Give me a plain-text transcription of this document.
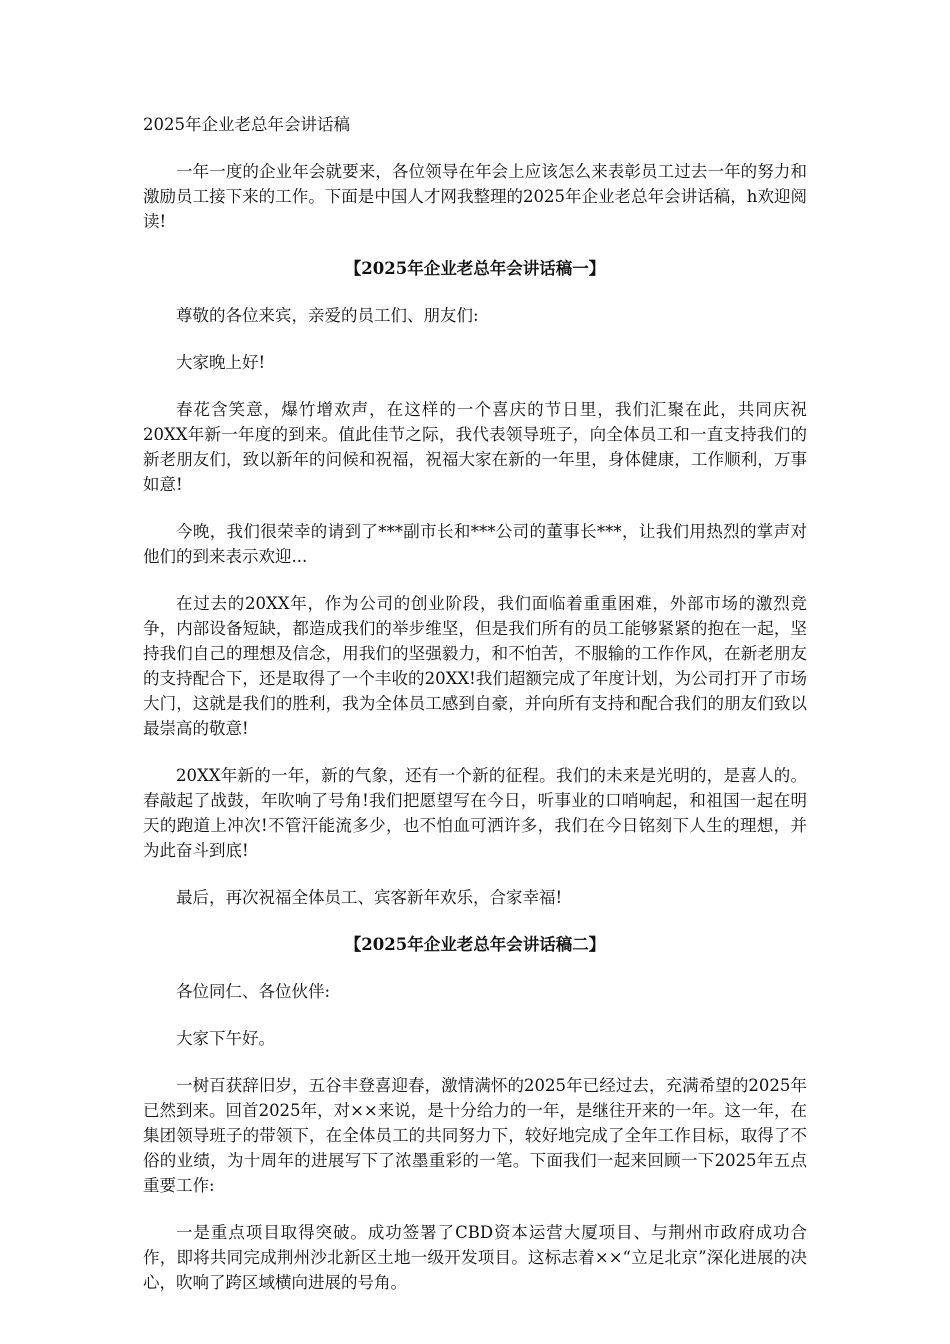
2025年企业老总年会讲话稿

一年一度的企业年会就要来，各位领导在年会上应该怎么来表彰员工过去一年的努力和激励员工接下来的工作。下面是中国人才网我整理的2025年企业老总年会讲话稿，h欢迎阅读!

【2025年企业老总年会讲话稿一】

尊敬的各位来宾，亲爱的员工们、朋友们:

大家晚上好!

春花含笑意，爆竹增欢声，在这样的一个喜庆的节日里，我们汇聚在此，共同庆祝20XX年新一年度的到来。值此佳节之际，我代表领导班子，向全体员工和一直支持我们的新老朋友们，致以新年的问候和祝福，祝福大家在新的一年里，身体健康，工作顺利，万事如意!

今晚，我们很荣幸的请到了***副市长和***公司的董事长***，让我们用热烈的掌声对他们的到来表示欢迎...

在过去的20XX年，作为公司的创业阶段，我们面临着重重困难，外部市场的激烈竞争，内部设备短缺，都造成我们的举步维坚，但是我们所有的员工能够紧紧的抱在一起，坚持我们自己的理想及信念，用我们的坚强毅力，和不怕苦，不服输的工作作风，在新老朋友的支持配合下，还是取得了一个丰收的20XX!我们超额完成了年度计划，为公司打开了市场大门，这就是我们的胜利，我为全体员工感到自豪，并向所有支持和配合我们的朋友们致以最崇高的敬意!

20XX年新的一年，新的气象，还有一个新的征程。我们的未来是光明的，是喜人的。春敲起了战鼓，年吹响了号角!我们把愿望写在今日，听事业的口哨响起，和祖国一起在明天的跑道上冲次!不管汗能流多少，也不怕血可洒许多，我们在今日铭刻下人生的理想，并为此奋斗到底!

最后，再次祝福全体员工、宾客新年欢乐，合家幸福!

【2025年企业老总年会讲话稿二】

各位同仁、各位伙伴:

大家下午好。

一树百获辞旧岁，五谷丰登喜迎春，激情满怀的2025年已经过去，充满希望的2025年已然到来。回首2025年，对××来说，是十分给力的一年，是继往开来的一年。这一年，在集团领导班子的带领下，在全体员工的共同努力下，较好地完成了全年工作目标，取得了不俗的业绩，为十周年的进展写下了浓墨重彩的一笔。下面我们一起来回顾一下2025年五点重要工作:

一是重点项目取得突破。成功签署了CBD资本运营大厦项目、与荆州市政府成功合作，即将共同完成荆州沙北新区土地一级开发项目。这标志着××“立足北京”深化进展的决心，吹响了跨区域横向进展的号角。
